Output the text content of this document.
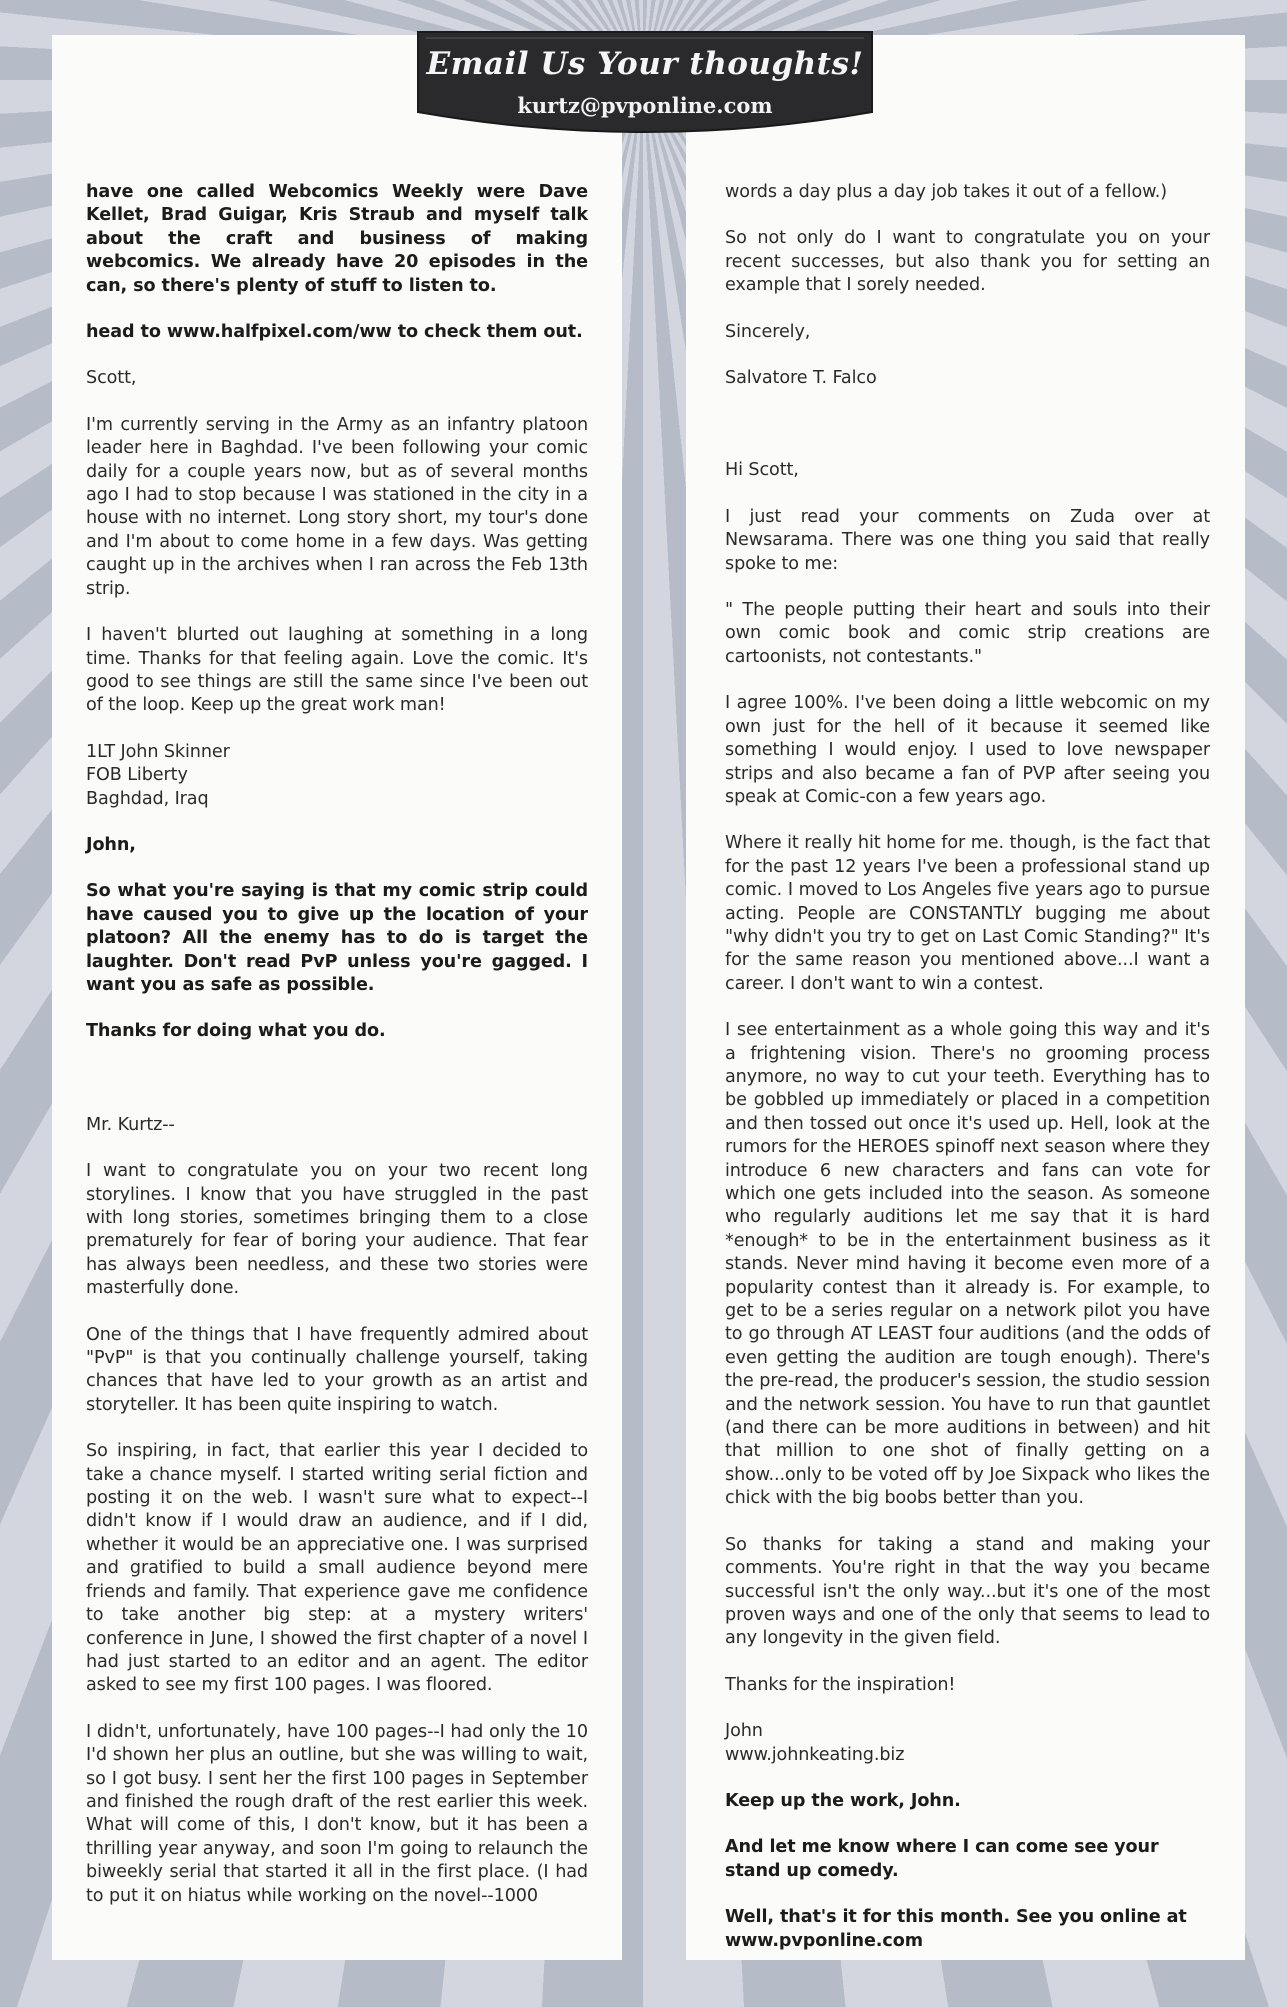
have one called Webcomics Weekly were Dave Kellet, Brad Guigar, Kris Straub and myself talk about the craft and business of making webcomics. We already have 20 episodes in the can, so there's plenty of stuff to listen to.

head to www.halfpixel.com/ww to check them out.

Scott,

I'm currently serving in the Army as an infantry platoon leader here in Baghdad. I've been following your comic daily for a couple years now, but as of several months ago I had to stop because I was stationed in the city in a house with no internet. Long story short, my tour's done and I'm about to come home in a few days. Was getting caught up in the archives when I ran across the Feb 13th strip.

I haven't blurted out laughing at something in a long time. Thanks for that feeling again. Love the comic. It's good to see things are still the same since I've been out of the loop. Keep up the great work man!

1LT John Skinner
FOB Liberty
Baghdad, Iraq

John,

So what you're saying is that my comic strip could have caused you to give up the location of your platoon? All the enemy has to do is target the laughter. Don't read PvP unless you're gagged. I want you as safe as possible.

Thanks for doing what you do.

Mr. Kurtz--

I want to congratulate you on your two recent long storylines. I know that you have struggled in the past with long stories, sometimes bringing them to a close prematurely for fear of boring your audience. That fear has always been needless, and these two stories were masterfully done.

One of the things that I have frequently admired about "PvP" is that you continually challenge yourself, taking chances that have led to your growth as an artist and storyteller. It has been quite inspiring to watch.

So inspiring, in fact, that earlier this year I decided to take a chance myself. I started writing serial fiction and posting it on the web. I wasn't sure what to expect--I didn't know if I would draw an audience, and if I did, whether it would be an appreciative one. I was surprised and gratified to build a small audience beyond mere friends and family. That experience gave me confidence to take another big step: at a mystery writers' conference in June, I showed the first chapter of a novel I had just started to an editor and an agent. The editor asked to see my first 100 pages. I was floored.

I didn't, unfortunately, have 100 pages--I had only the 10 I'd shown her plus an outline, but she was willing to wait, so I got busy. I sent her the first 100 pages in September and finished the rough draft of the rest earlier this week. What will come of this, I don't know, but it has been a thrilling year anyway, and soon I'm going to relaunch the biweekly serial that started it all in the first place. (I had to put it on hiatus while working on the novel--1000

words a day plus a day job takes it out of a fellow.)

So not only do I want to congratulate you on your recent successes, but also thank you for setting an example that I sorely needed.

Sincerely,

Salvatore T. Falco

Hi Scott,

I just read your comments on Zuda over at Newsarama. There was one thing you said that really spoke to me:

" The people putting their heart and souls into their own comic book and comic strip creations are cartoonists, not contestants."

I agree 100%. I've been doing a little webcomic on my own just for the hell of it because it seemed like something I would enjoy. I used to love newspaper strips and also became a fan of PVP after seeing you speak at Comic-con a few years ago.

Where it really hit home for me. though, is the fact that for the past 12 years I've been a professional stand up comic. I moved to Los Angeles five years ago to pursue acting. People are CONSTANTLY bugging me about "why didn't you try to get on Last Comic Standing?" It's for the same reason you mentioned above...I want a career. I don't want to win a contest.

I see entertainment as a whole going this way and it's a frightening vision. There's no grooming process anymore, no way to cut your teeth. Everything has to be gobbled up immediately or placed in a competition and then tossed out once it's used up. Hell, look at the rumors for the HEROES spinoff next season where they introduce 6 new characters and fans can vote for which one gets included into the season. As someone who regularly auditions let me say that it is hard *enough* to be in the entertainment business as it stands. Never mind having it become even more of a popularity contest than it already is. For example, to get to be a series regular on a network pilot you have to go through AT LEAST four auditions (and the odds of even getting the audition are tough enough). There's the pre-read, the producer's session, the studio session and the network session. You have to run that gauntlet (and there can be more auditions in between) and hit that million to one shot of finally getting on a show...only to be voted off by Joe Sixpack who likes the chick with the big boobs better than you.

So thanks for taking a stand and making your comments. You're right in that the way you became successful isn't the only way...but it's one of the most proven ways and one of the only that seems to lead to any longevity in the given field.

Thanks for the inspiration!

John
www.johnkeating.biz

Keep up the work, John.

And let me know where I can come see your stand up comedy.

Well, that's it for this month. See you online at www.pvponline.com

Email Us Your thoughts!
kurtz@pvponline.com
